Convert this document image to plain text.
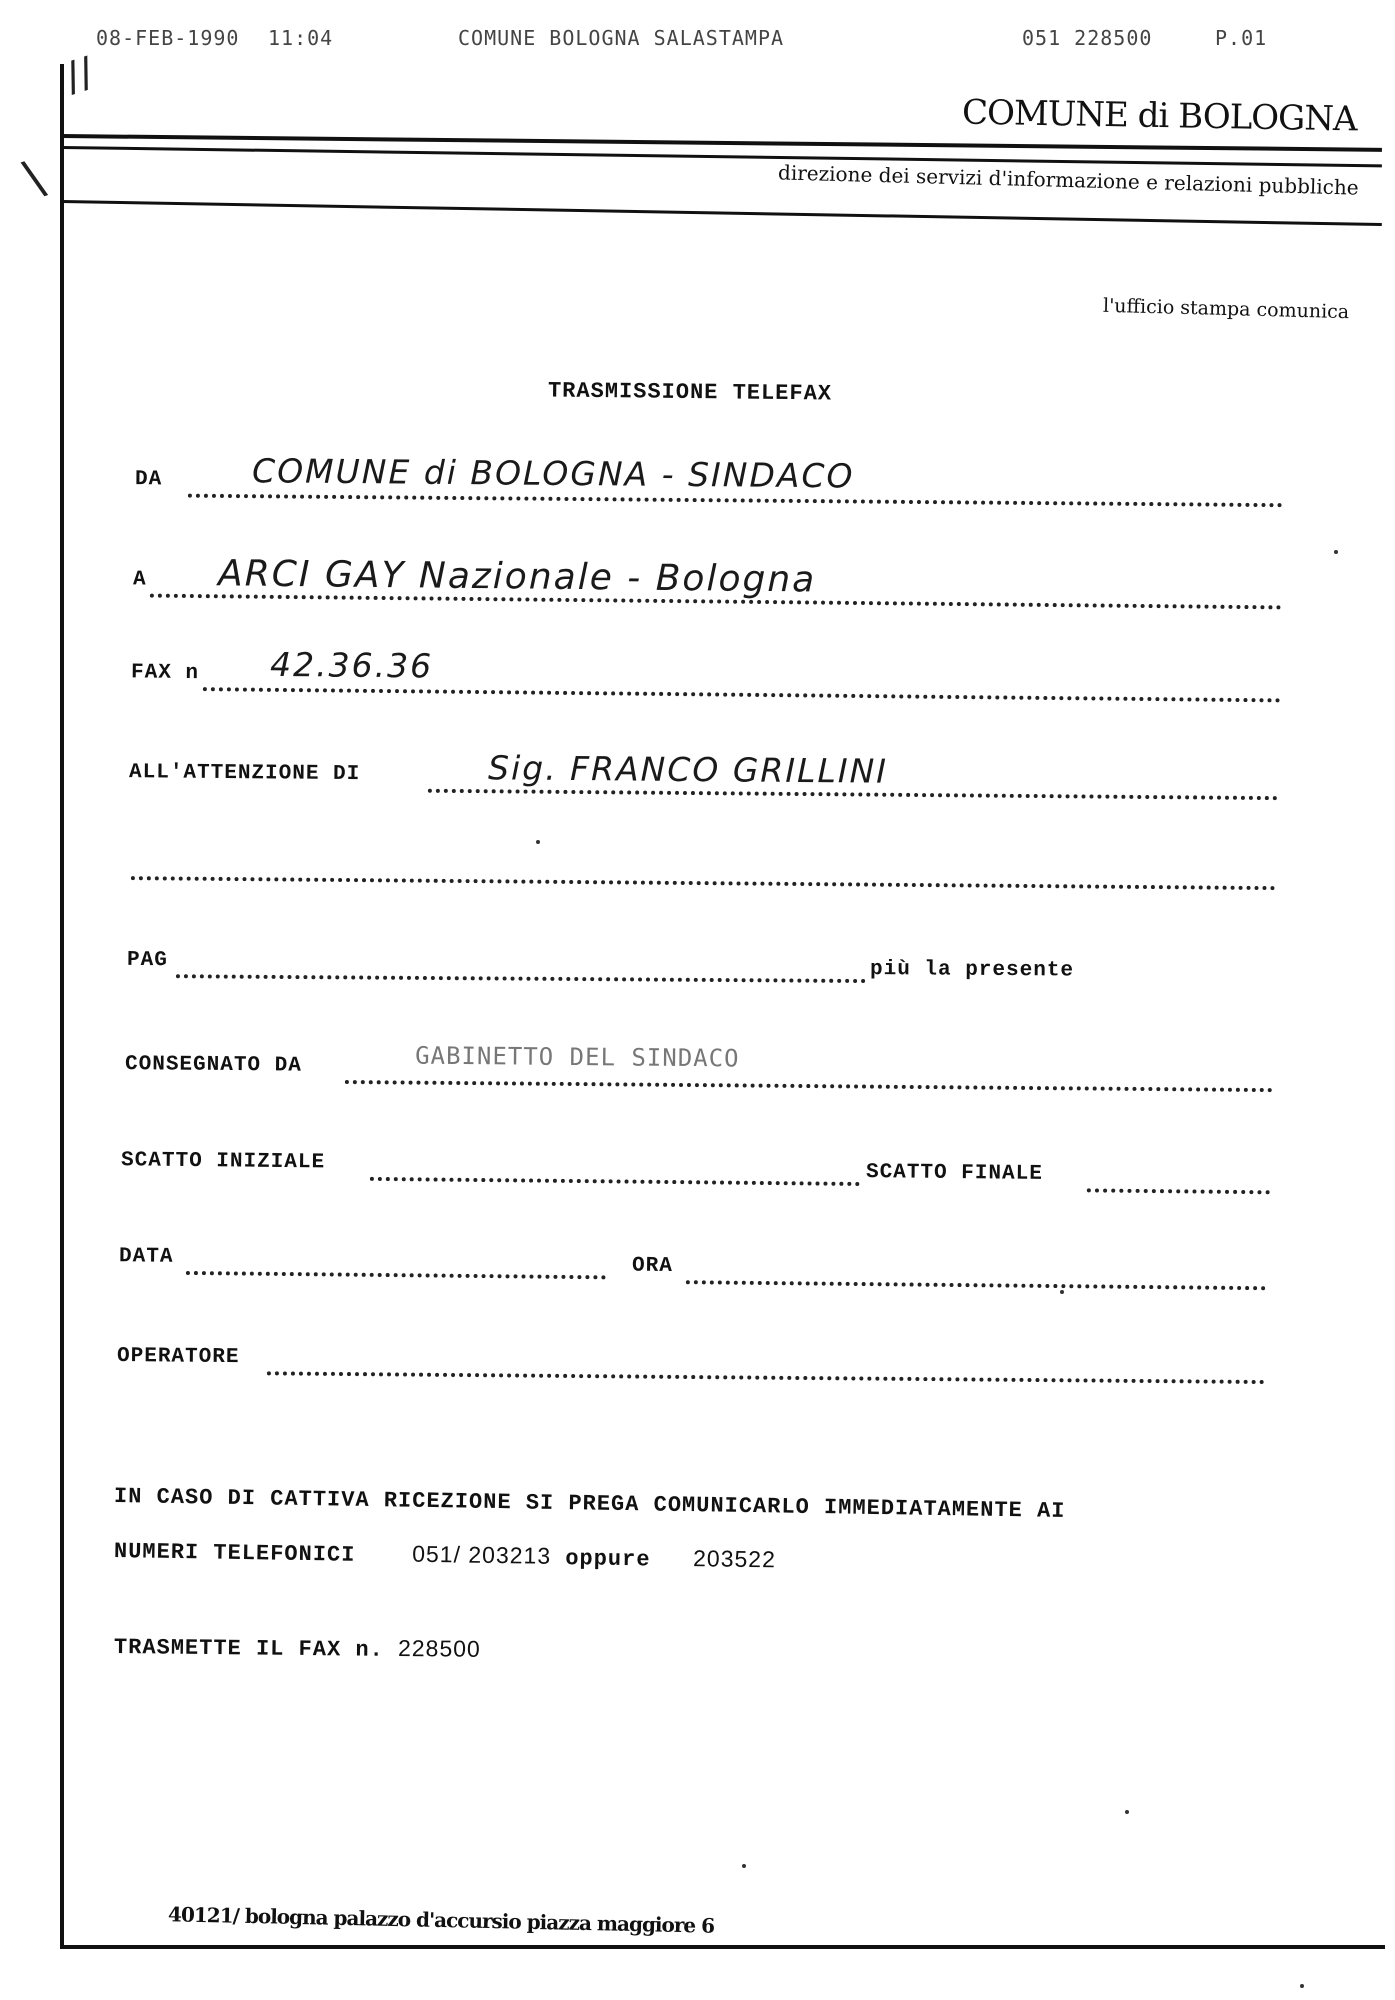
08-FEB-1990 11:04	COMUNE BOLOGNA SALASTAMPA	051 228500	P.01
//
\
COMUNE di BOLOGNA
direzione dei servizi d'informazione e relazioni pubbliche
l'ufficio stampa comunica
TRASMISSIONE TELEFAX
DA	COMUNE di BOLOGNA - SINDACO
A ARCI GAY Nazionale - Bologna
FAX n 42.36.36
ALL'ATTENZIONE DI	Sig. FRANCO GRILLINI
PAG	più la presente
CONSEGNATO DA	GABINETTO DEL SINDACO
SCATTO INIZIALE	SCATTO FINALE
DATA	ORA
OPERATORE
IN CASO DI CATTIVA RICEZIONE SI PREGA COMUNICARLO IMMEDIATAMENTE AI
NUMERI TELEFONICI 051/ 203213 oppure 203522
TRASMETTE IL FAX n. 228500
40121/ bologna palazzo d'accursio piazza maggiore 6
